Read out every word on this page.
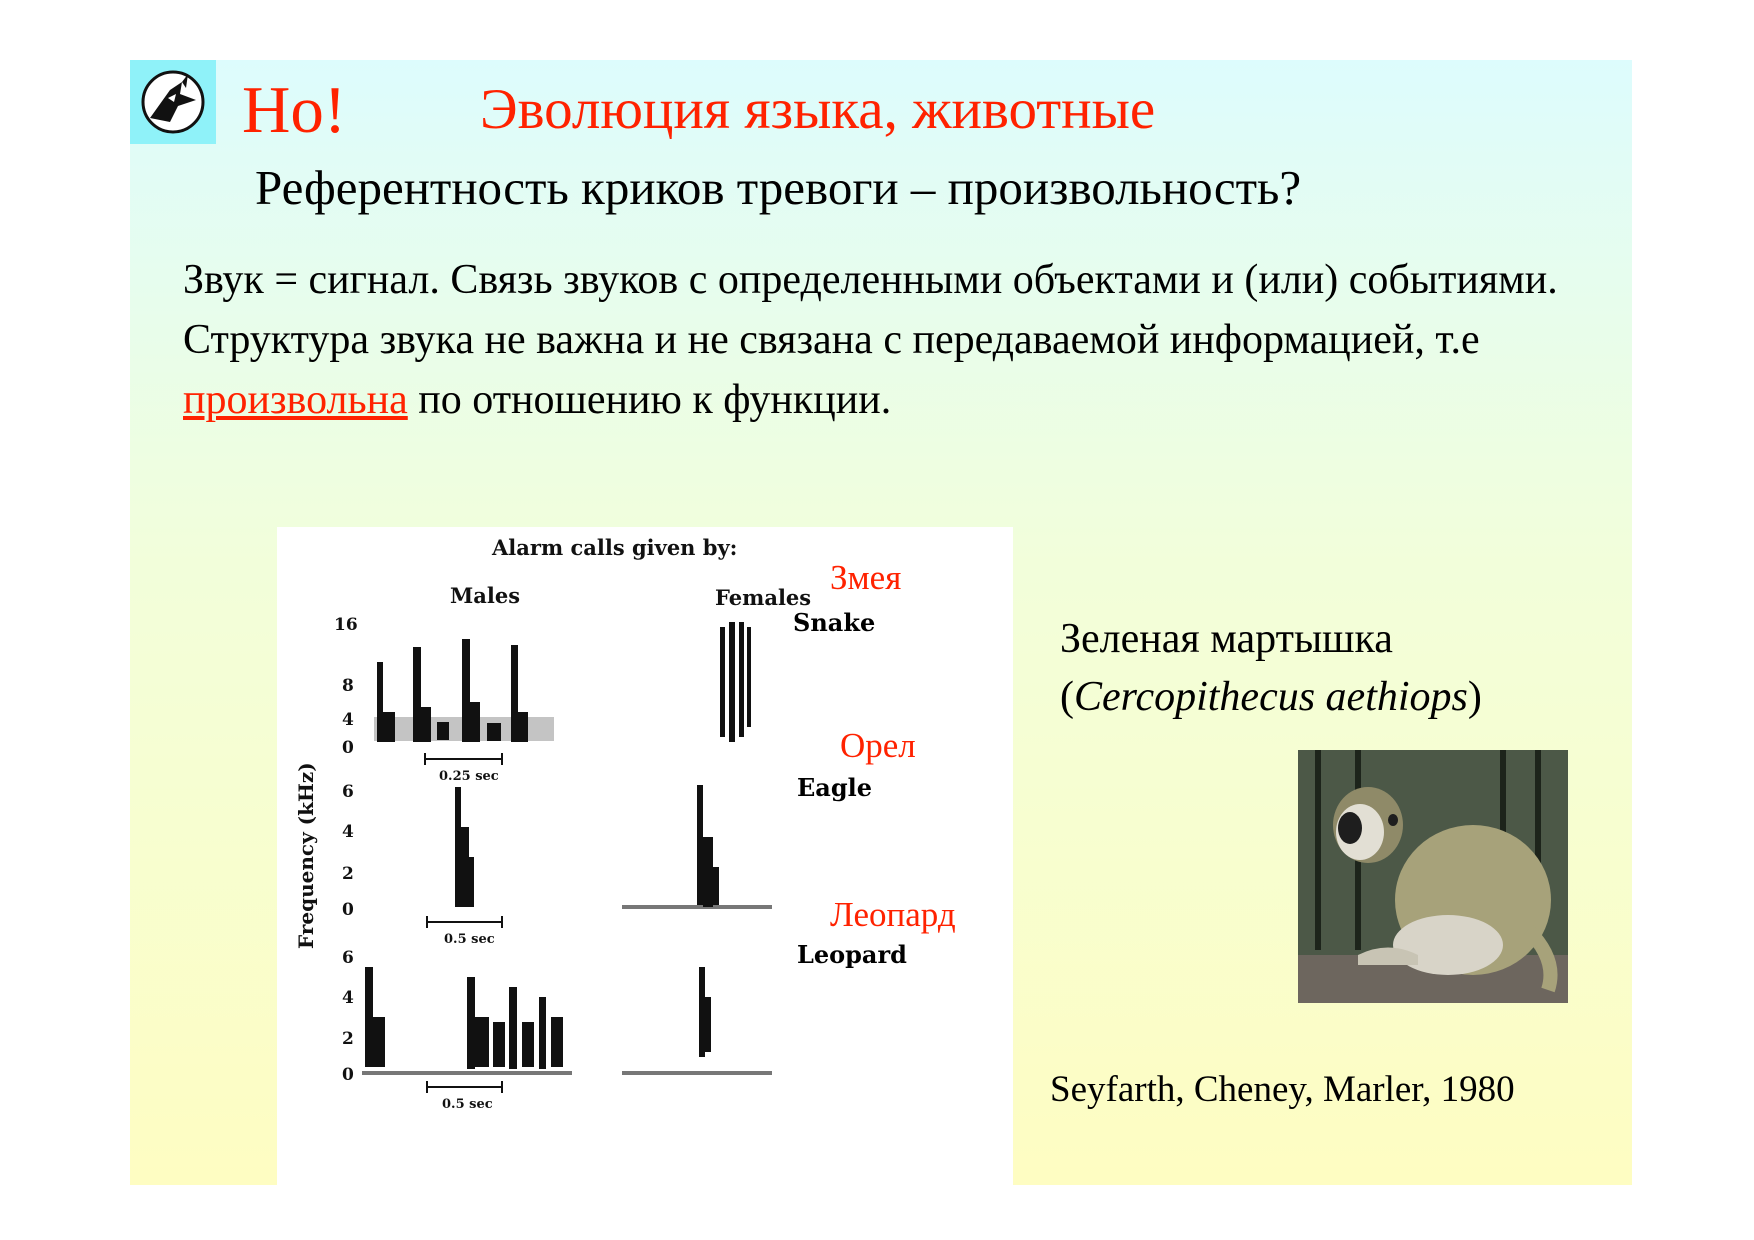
Но! Эволюция языка, животные
Референтность криков тревоги – произвольность?

Звук = сигнал. Связь звуков с определенными объектами и (или) событиями.

Структура звука не важна и не связана с передаваемой информацией, т.е произвольна по отношению к функции.

Alarm calls given by:
Males	Females
Frequency (kHz)
16
8
4
0
0.25 sec
6
4
2
0
0.5 sec
6
4
2
0
0.5 sec
Змея
Snake
Орел
Eagle
Леопард
Leopard
Зеленая мартышка
(Cercopithecus aethiops)
Seyfarth, Cheney, Marler, 1980
